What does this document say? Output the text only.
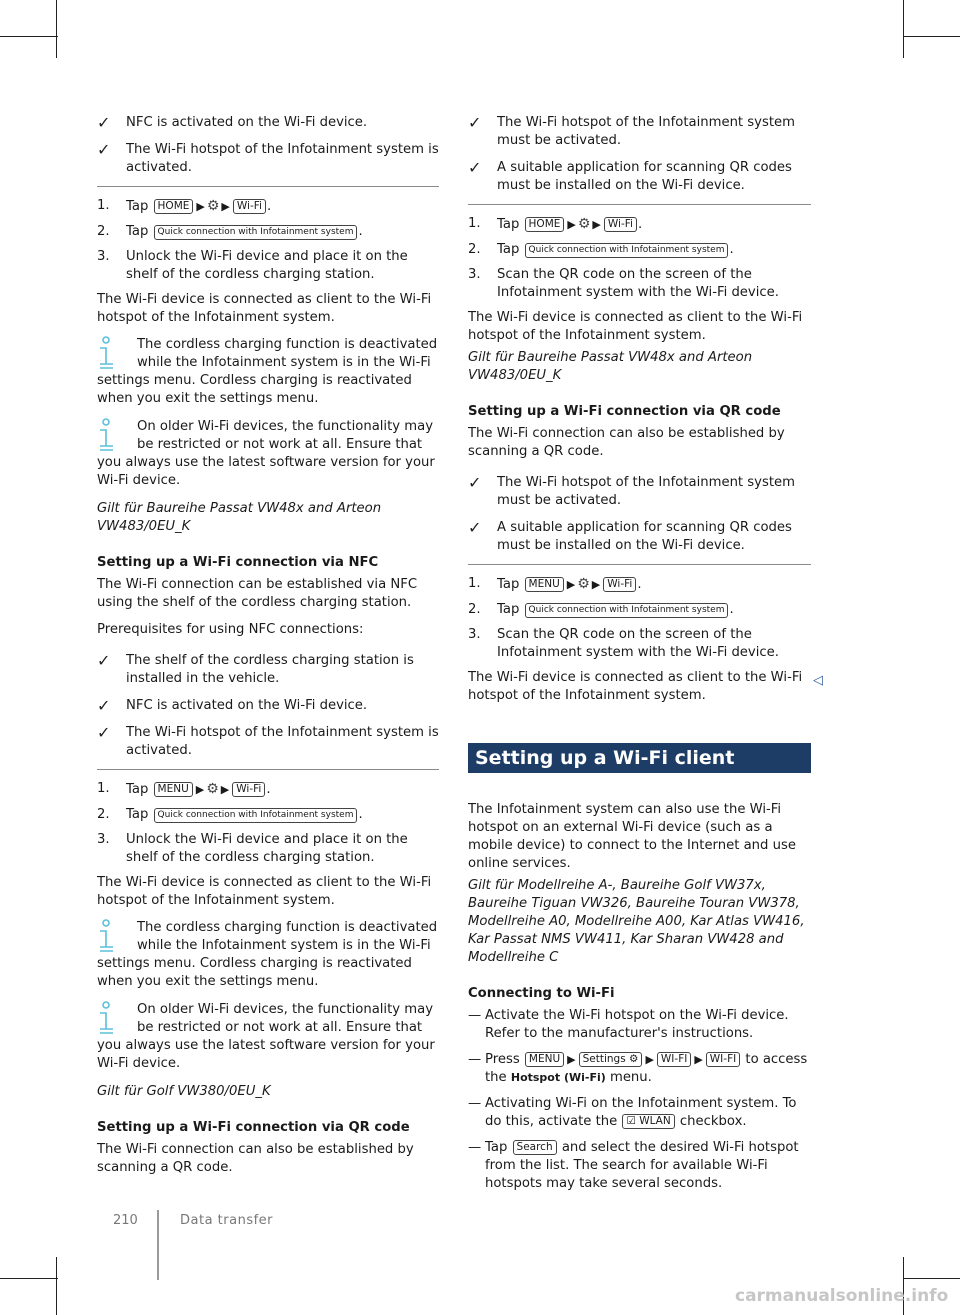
✓ NFC is activated on the Wi-Fi device.
✓ The Wi-Fi hotspot of the Infotainment system is activated.
1. Tap HOME ▶ ⚙ ▶ Wi-Fi .
2. Tap Quick connection with Infotainment system .
3. Unlock the Wi-Fi device and place it on the shelf of the cordless charging station.

The Wi-Fi device is connected as client to the Wi-Fi hotspot of the Infotainment system.

The cordless charging function is deactivated while the Infotainment system is in the Wi-Fi settings menu. Cordless charging is reactivated when you exit the settings menu.
On older Wi-Fi devices, the functionality may be restricted or not work at all. Ensure that you always use the latest software version for your Wi-Fi device.

Gilt für Baureihe Passat VW48x and Arteon VW483/0EU_K

Setting up a Wi-Fi connection via NFC

The Wi-Fi connection can be established via NFC using the shelf of the cordless charging station.

Prerequisites for using NFC connections:

✓ The shelf of the cordless charging station is installed in the vehicle.
✓ NFC is activated on the Wi-Fi device.
✓ The Wi-Fi hotspot of the Infotainment system is activated.
1. Tap MENU ▶ ⚙ ▶ Wi-Fi .
2. Tap Quick connection with Infotainment system .
3. Unlock the Wi-Fi device and place it on the shelf of the cordless charging station.

The Wi-Fi device is connected as client to the Wi-Fi hotspot of the Infotainment system.

The cordless charging function is deactivated while the Infotainment system is in the Wi-Fi settings menu. Cordless charging is reactivated when you exit the settings menu.
On older Wi-Fi devices, the functionality may be restricted or not work at all. Ensure that you always use the latest software version for your Wi-Fi device.

Gilt für Golf VW380/0EU_K

Setting up a Wi-Fi connection via QR code

The Wi-Fi connection can also be established by scanning a QR code.

✓ The Wi-Fi hotspot of the Infotainment system must be activated.
✓ A suitable application for scanning QR codes must be installed on the Wi-Fi device.
1. Tap HOME ▶ ⚙ ▶ Wi-Fi .
2. Tap Quick connection with Infotainment system .
3. Scan the QR code on the screen of the Infotainment system with the Wi-Fi device.

The Wi-Fi device is connected as client to the Wi-Fi hotspot of the Infotainment system.

Gilt für Baureihe Passat VW48x and Arteon VW483/0EU_K

Setting up a Wi-Fi connection via QR code

The Wi-Fi connection can also be established by scanning a QR code.

✓ The Wi-Fi hotspot of the Infotainment system must be activated.
✓ A suitable application for scanning QR codes must be installed on the Wi-Fi device.
1. Tap MENU ▶ ⚙ ▶ Wi-Fi .
2. Tap Quick connection with Infotainment system .
3. Scan the QR code on the screen of the Infotainment system with the Wi-Fi device.

The Wi-Fi device is connected as client to the Wi-Fi hotspot of the Infotainment system.

Setting up a Wi-Fi client

The Infotainment system can also use the Wi-Fi hotspot on an external Wi-Fi device (such as a mobile device) to connect to the Internet and use online services.

Gilt für Modellreihe A-, Baureihe Golf VW37x, Baureihe Tiguan VW326, Baureihe Touran VW378, Modellreihe A0, Modellreihe A00, Kar Atlas VW416, Kar Passat NMS VW411, Kar Sharan VW428 and Modellreihe C

Connecting to Wi-Fi

— Activate the Wi-Fi hotspot on the Wi-Fi device. Refer to the manufacturer's instructions.
— Press MENU ▶ Settings ⚙ ▶ WI-FI ▶ WI-FI to access the Hotspot (Wi-Fi) menu.
— Activating Wi-Fi on the Infotainment system. To do this, activate the ☑ WLAN checkbox.
— Tap Search and select the desired Wi-Fi hotspot from the list. The search for available Wi-Fi hotspots may take several seconds.
◁
210	Data transfer
carmanualsonline.info
